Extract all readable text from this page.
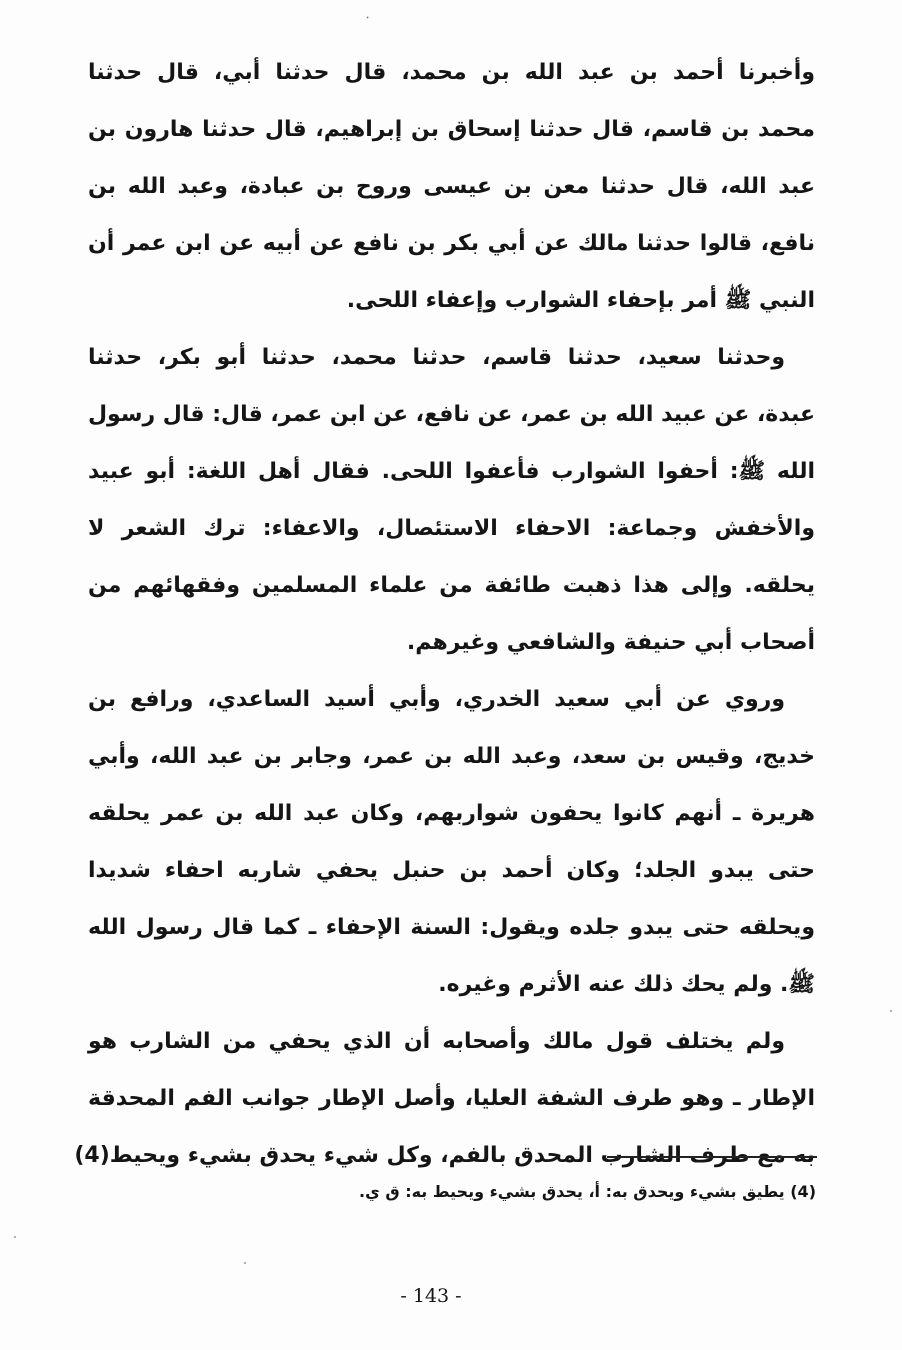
ꞏ
وأخبرنا أحمد بن عبد الله بن محمد، قال حدثنا أبي، قال حدثنا
محمد بن قاسم، قال حدثنا إسحاق بن إبراهيم، قال حدثنا هارون بن
عبد الله، قال حدثنا معن بن عيسى وروح بن عبادة، وعبد الله بن
نافع، قالوا حدثنا مالك عن أبي بكر بن نافع عن أبيه عن ابن عمر أن
النبي ﷺ أمر بإحفاء الشوارب وإعفاء اللحى.
وحدثنا سعيد، حدثنا قاسم، حدثنا محمد، حدثنا أبو بكر، حدثنا
عبدة، عن عبيد الله بن عمر، عن نافع، عن ابن عمر، قال: قال رسول
الله ﷺ: أحفوا الشوارب فأعفوا اللحى. فقال أهل اللغة: أبو عبيد
والأخفش وجماعة: الاحفاء الاستئصال، والاعفاء: ترك الشعر لا
يحلقه. وإلى هذا ذهبت طائفة من علماء المسلمين وفقهائهم من
أصحاب أبي حنيفة والشافعي وغيرهم.
وروي عن أبي سعيد الخدري، وأبي أسيد الساعدي، ورافع بن
خديج، وقيس بن سعد، وعبد الله بن عمر، وجابر بن عبد الله، وأبي
هريرة ـ أنهم كانوا يحفون شواربهم، وكان عبد الله بن عمر يحلقه
حتى يبدو الجلد؛ وكان أحمد بن حنبل يحفي شاربه احفاء شديدا
ويحلقه حتى يبدو جلده ويقول: السنة الإحفاء ـ كما قال رسول الله
ﷺ. ولم يحك ذلك عنه الأثرم وغيره.
ولم يختلف قول مالك وأصحابه أن الذي يحفي من الشارب هو
الإطار ـ وهو طرف الشفة العليا، وأصل الإطار جوانب الفم المحدقة
به مع طرف الشارب المحدق بالفم، وكل شيء يحدق بشيء ويحيط(4)
(4) يطيق بشيء ويحدق به: أ، يحدق بشيء ويحيط به: ق ي.
- 143 -
